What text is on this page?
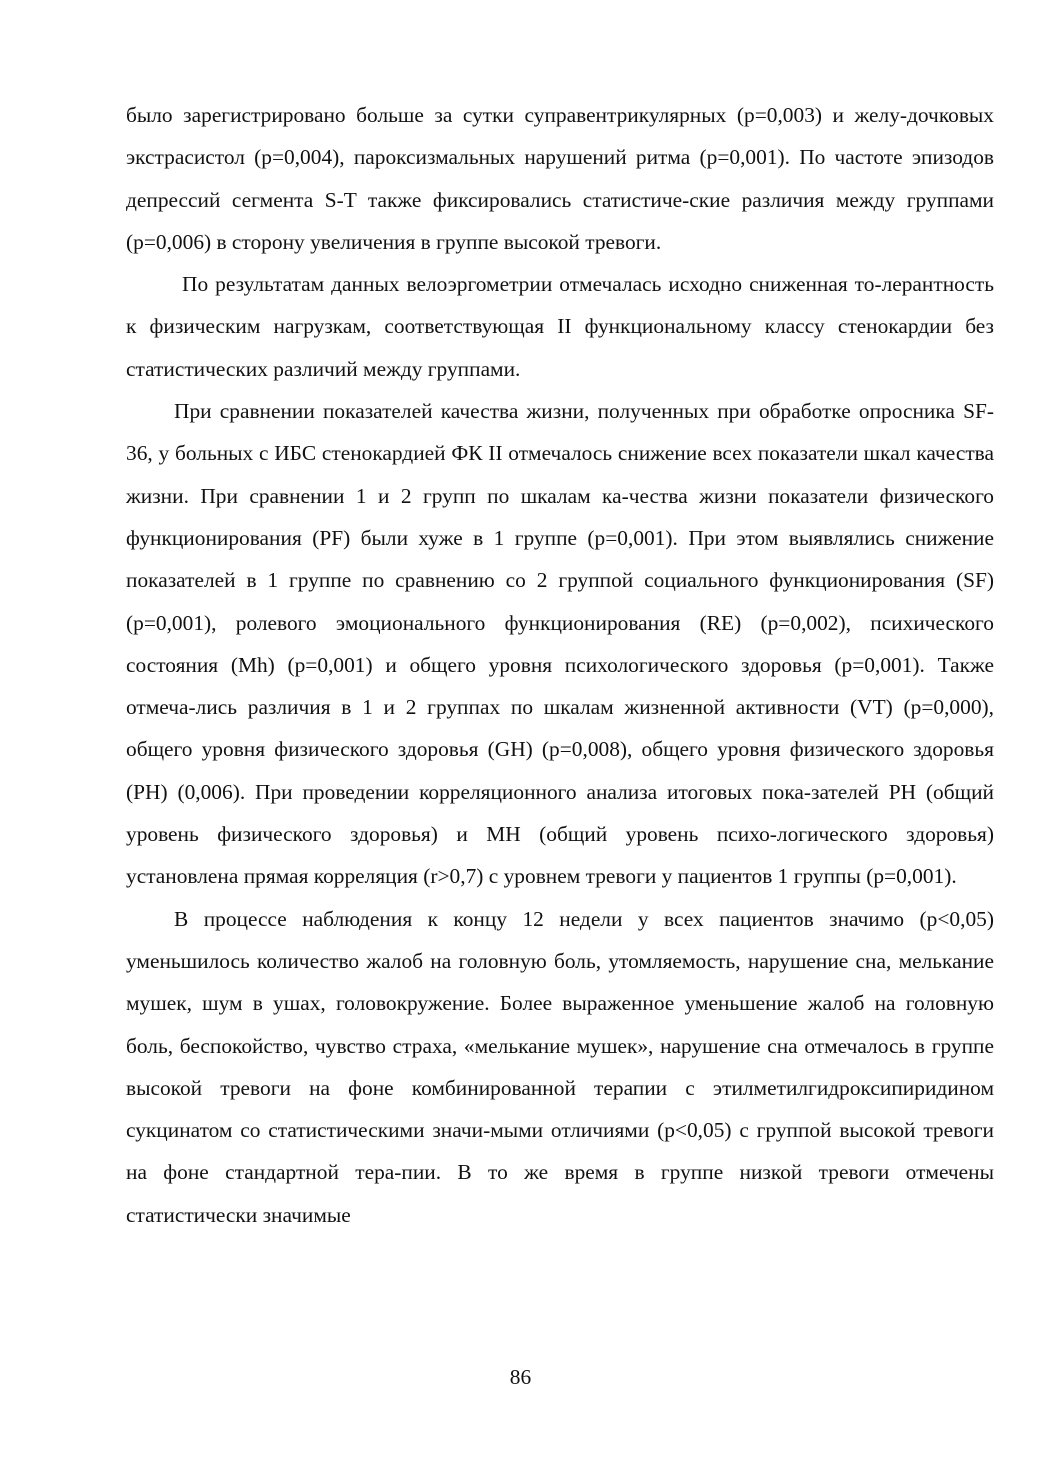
было зарегистрировано больше за сутки суправентрикулярных (р=0,003) и желу-дочковых экстрасистол (р=0,004), пароксизмальных нарушений ритма (р=0,001). По частоте эпизодов депрессий сегмента S-T также фиксировались статистиче-ские различия между группами (р=0,006) в сторону увеличения в группе высокой тревоги.

По результатам данных велоэргометрии отмечалась исходно сниженная то-лерантность к физическим нагрузкам, соответствующая II функциональному классу стенокардии без статистических различий между группами.

При сравнении показателей качества жизни, полученных при обработке опросника SF-36, у больных с ИБС стенокардией ФК II отмечалось снижение всех показатели шкал качества жизни. При сравнении 1 и 2 групп по шкалам ка-чества жизни показатели физического функционирования (PF) были хуже в 1 группе (р=0,001). При этом выявлялись снижение показателей в 1 группе по сравнению со 2 группой социального функционирования (SF) (р=0,001), ролевого эмоционального функционирования (RE) (р=0,002), психического состояния (Mh) (р=0,001) и общего уровня психологического здоровья (р=0,001). Также отмеча-лись различия в 1 и 2 группах по шкалам жизненной активности (VT) (р=0,000), общего уровня физического здоровья (GH) (р=0,008), общего уровня физического здоровья (PH) (0,006). При проведении корреляционного анализа итоговых пока-зателей PH (общий уровень физического здоровья) и MH (общий уровень психо-логического здоровья) установлена прямая корреляция (r>0,7) с уровнем тревоги у пациентов 1 группы (р=0,001).

В процессе наблюдения к концу 12 недели у всех пациентов значимо (р<0,05) уменьшилось количество жалоб на головную боль, утомляемость, нарушение сна, мелькание мушек, шум в ушах, головокружение. Более выраженное уменьшение жалоб на головную боль, беспокойство, чувство страха, «мелькание мушек», нарушение сна отмечалось в группе высокой тревоги на фоне комбинированной терапии с этилметилгидроксипиридином сукцинатом со статистическими значи-мыми отличиями (р<0,05) с группой высокой тревоги на фоне стандартной тера-пии. В то же время в группе низкой тревоги отмечены статистически значимые

86
